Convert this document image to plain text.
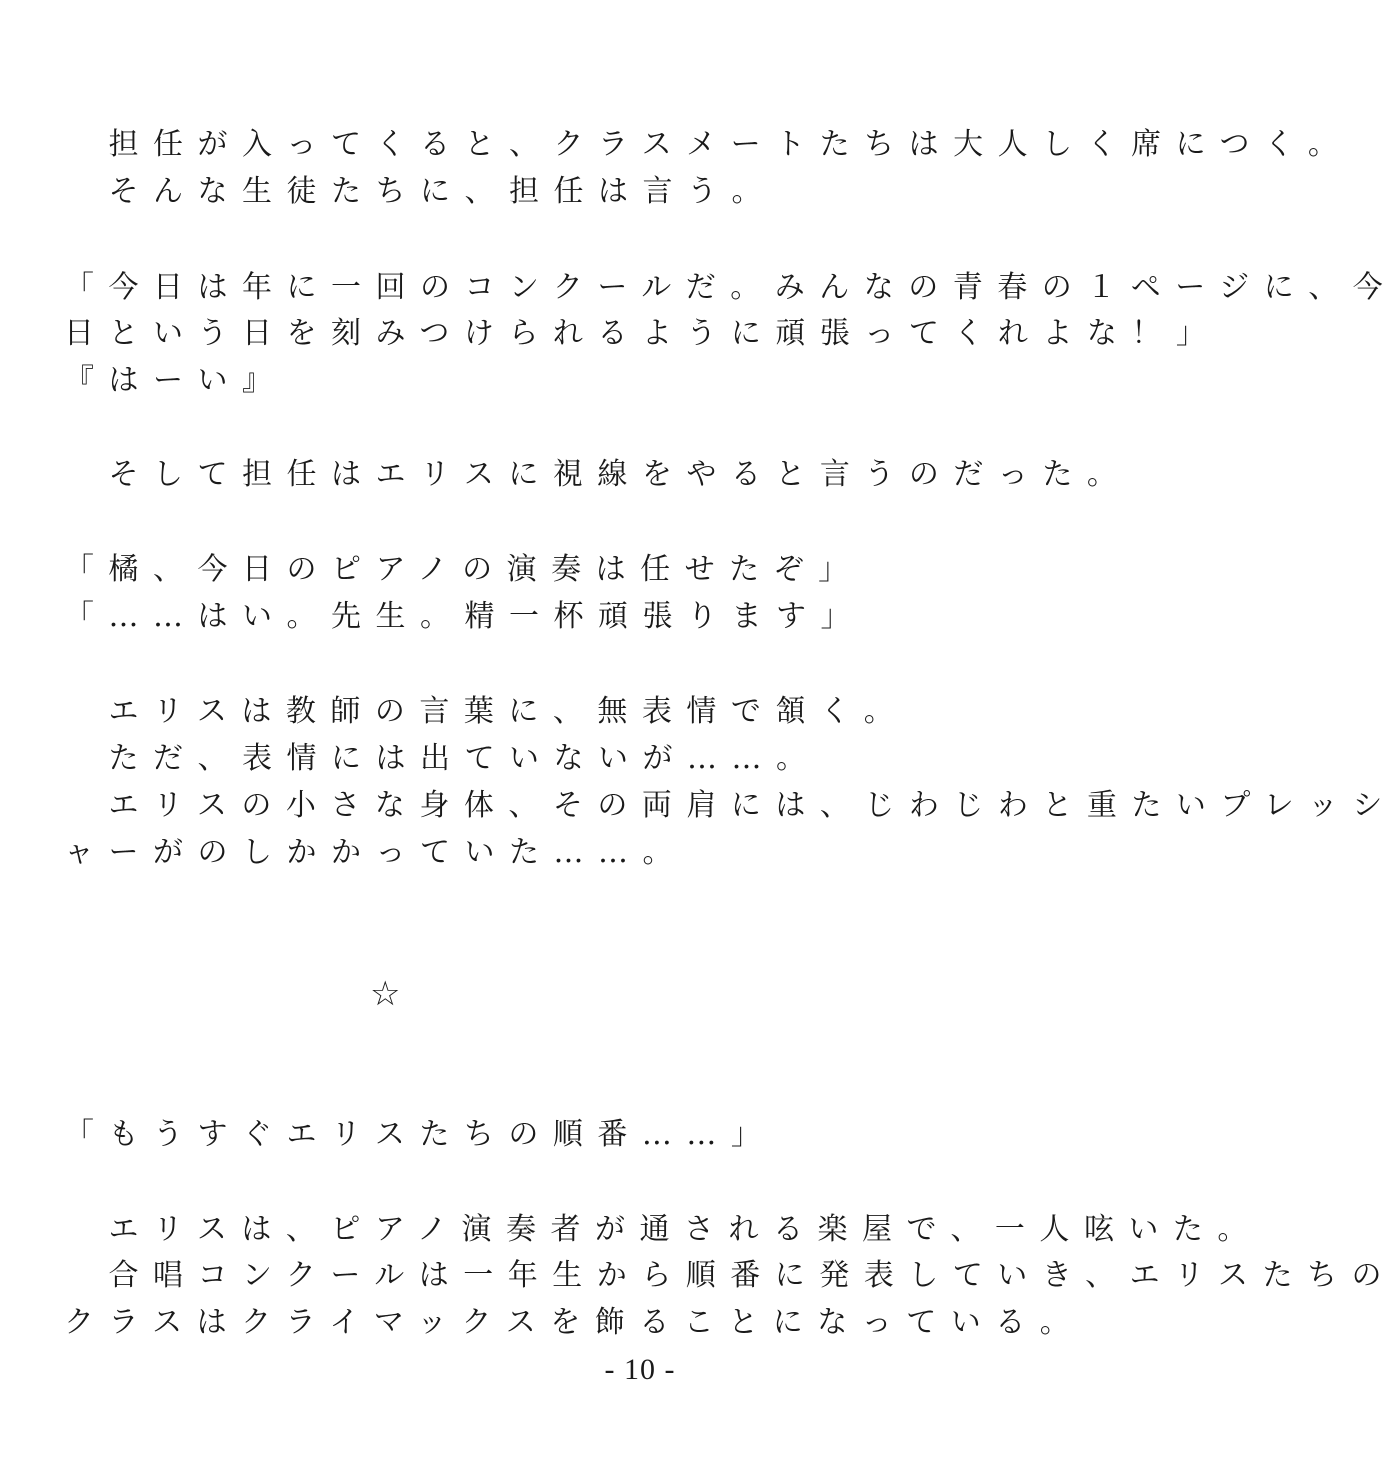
　担任が入ってくると、クラスメートたちは大人しく席につく。
　そんな生徒たちに、担任は言う。
「今日は年に一回のコンクールだ。みんなの青春の１ページに、今
日という日を刻みつけられるように頑張ってくれよな！」
『はーい』
　そして担任はエリスに視線をやると言うのだった。
「橘、今日のピアノの演奏は任せたぞ」
「……はい。先生。精一杯頑張ります」
　エリスは教師の言葉に、無表情で頷く。
　ただ、表情には出ていないが……。
　エリスの小さな身体、その両肩には、じわじわと重たいプレッシ
ャーがのしかかっていた……。
☆
「もうすぐエリスたちの順番……」
　エリスは、ピアノ演奏者が通される楽屋で、一人呟いた。
　合唱コンクールは一年生から順番に発表していき、エリスたちの
クラスはクライマックスを飾ることになっている。
- 10 -
